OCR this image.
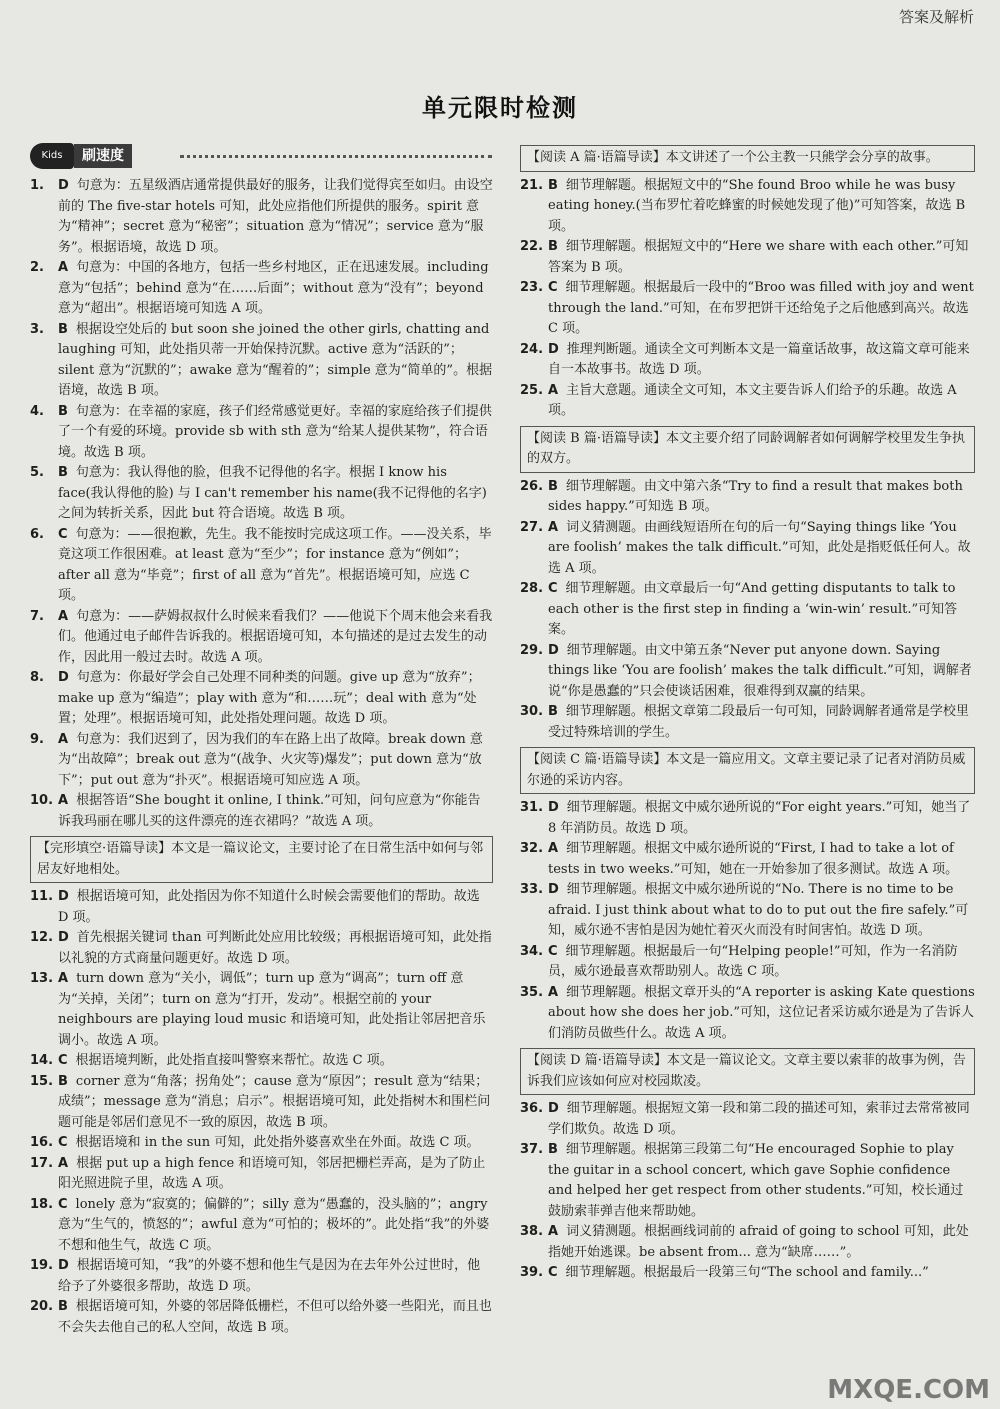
答案及解析
单元限时检测
Kids	刷速度

1. D 句意为：五星级酒店通常提供最好的服务，让我们觉得宾至如归。由设空前的 The five-star hotels 可知，此处应指他们所提供的服务。spirit 意为“精神”；secret 意为“秘密”；situation 意为“情况”；service 意为“服务”。根据语境，故选 D 项。

2. A 句意为：中国的各地方，包括一些乡村地区，正在迅速发展。including 意为“包括”；behind 意为“在……后面”；without 意为“没有”；beyond 意为“超出”。根据语境可知选 A 项。

3. B 根据设空处后的 but soon she joined the other girls, chatting and laughing 可知，此处指贝蒂一开始保持沉默。active 意为“活跃的”；silent 意为“沉默的”；awake 意为“醒着的”；simple 意为“简单的”。根据语境，故选 B 项。

4. B 句意为：在幸福的家庭，孩子们经常感觉更好。幸福的家庭给孩子们提供了一个有爱的环境。provide sb with sth 意为“给某人提供某物”，符合语境。故选 B 项。

5. B 句意为：我认得他的脸，但我不记得他的名字。根据 I know his face(我认得他的脸) 与 I can't remember his name(我不记得他的名字) 之间为转折关系，因此 but 符合语境。故选 B 项。

6. C 句意为：——很抱歉，先生。我不能按时完成这项工作。——没关系，毕竟这项工作很困难。at least 意为“至少”；for instance 意为“例如”；after all 意为“毕竟”；first of all 意为“首先”。根据语境可知，应选 C 项。

7. A 句意为：——萨姆叔叔什么时候来看我们？——他说下个周末他会来看我们。他通过电子邮件告诉我的。根据语境可知，本句描述的是过去发生的动作，因此用一般过去时。故选 A 项。

8. D 句意为：你最好学会自己处理不同种类的问题。give up 意为“放弃”；make up 意为“编造”；play with 意为“和……玩”；deal with 意为“处置；处理”。根据语境可知，此处指处理问题。故选 D 项。

9. A 句意为：我们迟到了，因为我们的车在路上出了故障。break down 意为“出故障”；break out 意为“(战争、火灾等)爆发”；put down 意为“放下”；put out 意为“扑灭”。根据语境可知应选 A 项。

10. A 根据答语“She bought it online, I think.”可知，问句应意为“你能告诉我玛丽在哪儿买的这件漂亮的连衣裙吗？”故选 A 项。

【完形填空·语篇导读】本文是一篇议论文，主要讨论了在日常生活中如何与邻居友好地相处。

11. D 根据语境可知，此处指因为你不知道什么时候会需要他们的帮助。故选 D 项。

12. D 首先根据关键词 than 可判断此处应用比较级；再根据语境可知，此处指以礼貌的方式商量问题更好。故选 D 项。

13. A turn down 意为“关小，调低”；turn up 意为“调高”；turn off 意为“关掉，关闭”；turn on 意为“打开，发动”。根据空前的 your neighbours are playing loud music 和语境可知，此处指让邻居把音乐调小。故选 A 项。

14. C 根据语境判断，此处指直接叫警察来帮忙。故选 C 项。

15. B corner 意为“角落；拐角处”；cause 意为“原因”；result 意为“结果；成绩”；message 意为“消息；启示”。根据语境可知，此处指树木和围栏问题可能是邻居们意见不一致的原因，故选 B 项。

16. C 根据语境和 in the sun 可知，此处指外婆喜欢坐在外面。故选 C 项。

17. A 根据 put up a high fence 和语境可知，邻居把栅栏弄高，是为了防止阳光照进院子里，故选 A 项。

18. C lonely 意为“寂寞的；偏僻的”；silly 意为“愚蠢的，没头脑的”；angry 意为“生气的，愤怒的”；awful 意为“可怕的；极坏的”。此处指“我”的外婆不想和他生气，故选 C 项。

19. D 根据语境可知，“我”的外婆不想和他生气是因为在去年外公过世时，他给予了外婆很多帮助，故选 D 项。

20. B 根据语境可知，外婆的邻居降低栅栏，不但可以给外婆一些阳光，而且也不会失去他自己的私人空间，故选 B 项。

【阅读 A 篇·语篇导读】本文讲述了一个公主教一只熊学会分享的故事。

21. B 细节理解题。根据短文中的“She found Broo while he was busy eating honey.(当布罗忙着吃蜂蜜的时候她发现了他)”可知答案，故选 B 项。

22. B 细节理解题。根据短文中的“Here we share with each other.”可知答案为 B 项。

23. C 细节理解题。根据最后一段中的“Broo was filled with joy and went through the land.”可知，在布罗把饼干还给兔子之后他感到高兴。故选 C 项。

24. D 推理判断题。通读全文可判断本文是一篇童话故事，故这篇文章可能来自一本故事书。故选 D 项。

25. A 主旨大意题。通读全文可知，本文主要告诉人们给予的乐趣。故选 A 项。

【阅读 B 篇·语篇导读】本文主要介绍了同龄调解者如何调解学校里发生争执的双方。

26. B 细节理解题。由文中第六条“Try to find a result that makes both sides happy.”可知选 B 项。

27. A 词义猜测题。由画线短语所在句的后一句“Saying things like ‘You are foolish’ makes the talk difficult.”可知，此处是指贬低任何人。故选 A 项。

28. C 细节理解题。由文章最后一句“And getting disputants to talk to each other is the first step in finding a ‘win-win’ result.”可知答案。

29. D 细节理解题。由文中第五条“Never put anyone down. Saying things like ‘You are foolish’ makes the talk difficult.”可知，调解者说“你是愚蠢的”只会使谈话困难，很难得到双赢的结果。

30. B 细节理解题。根据文章第二段最后一句可知，同龄调解者通常是学校里受过特殊培训的学生。

【阅读 C 篇·语篇导读】本文是一篇应用文。文章主要记录了记者对消防员威尔逊的采访内容。

31. D 细节理解题。根据文中威尔逊所说的“For eight years.”可知，她当了 8 年消防员。故选 D 项。

32. A 细节理解题。根据文中威尔逊所说的“First, I had to take a lot of tests in two weeks.”可知，她在一开始参加了很多测试。故选 A 项。

33. D 细节理解题。根据文中威尔逊所说的“No. There is no time to be afraid. I just think about what to do to put out the fire safely.”可知，威尔逊不害怕是因为她忙着灭火而没有时间害怕。故选 D 项。

34. C 细节理解题。根据最后一句“Helping people!”可知，作为一名消防员，威尔逊最喜欢帮助别人。故选 C 项。

35. A 细节理解题。根据文章开头的“A reporter is asking Kate questions about how she does her job.”可知，这位记者采访威尔逊是为了告诉人们消防员做些什么。故选 A 项。

【阅读 D 篇·语篇导读】本文是一篇议论文。文章主要以索菲的故事为例，告诉我们应该如何应对校园欺凌。

36. D 细节理解题。根据短文第一段和第二段的描述可知，索菲过去常常被同学们欺负。故选 D 项。

37. B 细节理解题。根据第三段第二句“He encouraged Sophie to play the guitar in a school concert, which gave Sophie confidence and helped her get respect from other students.”可知，校长通过鼓励索菲弹吉他来帮助她。

38. A 词义猜测题。根据画线词前的 afraid of going to school 可知，此处指她开始逃课。be absent from... 意为“缺席……”。

39. C 细节理解题。根据最后一段第三句“The school and family...”

MXQE.COM
